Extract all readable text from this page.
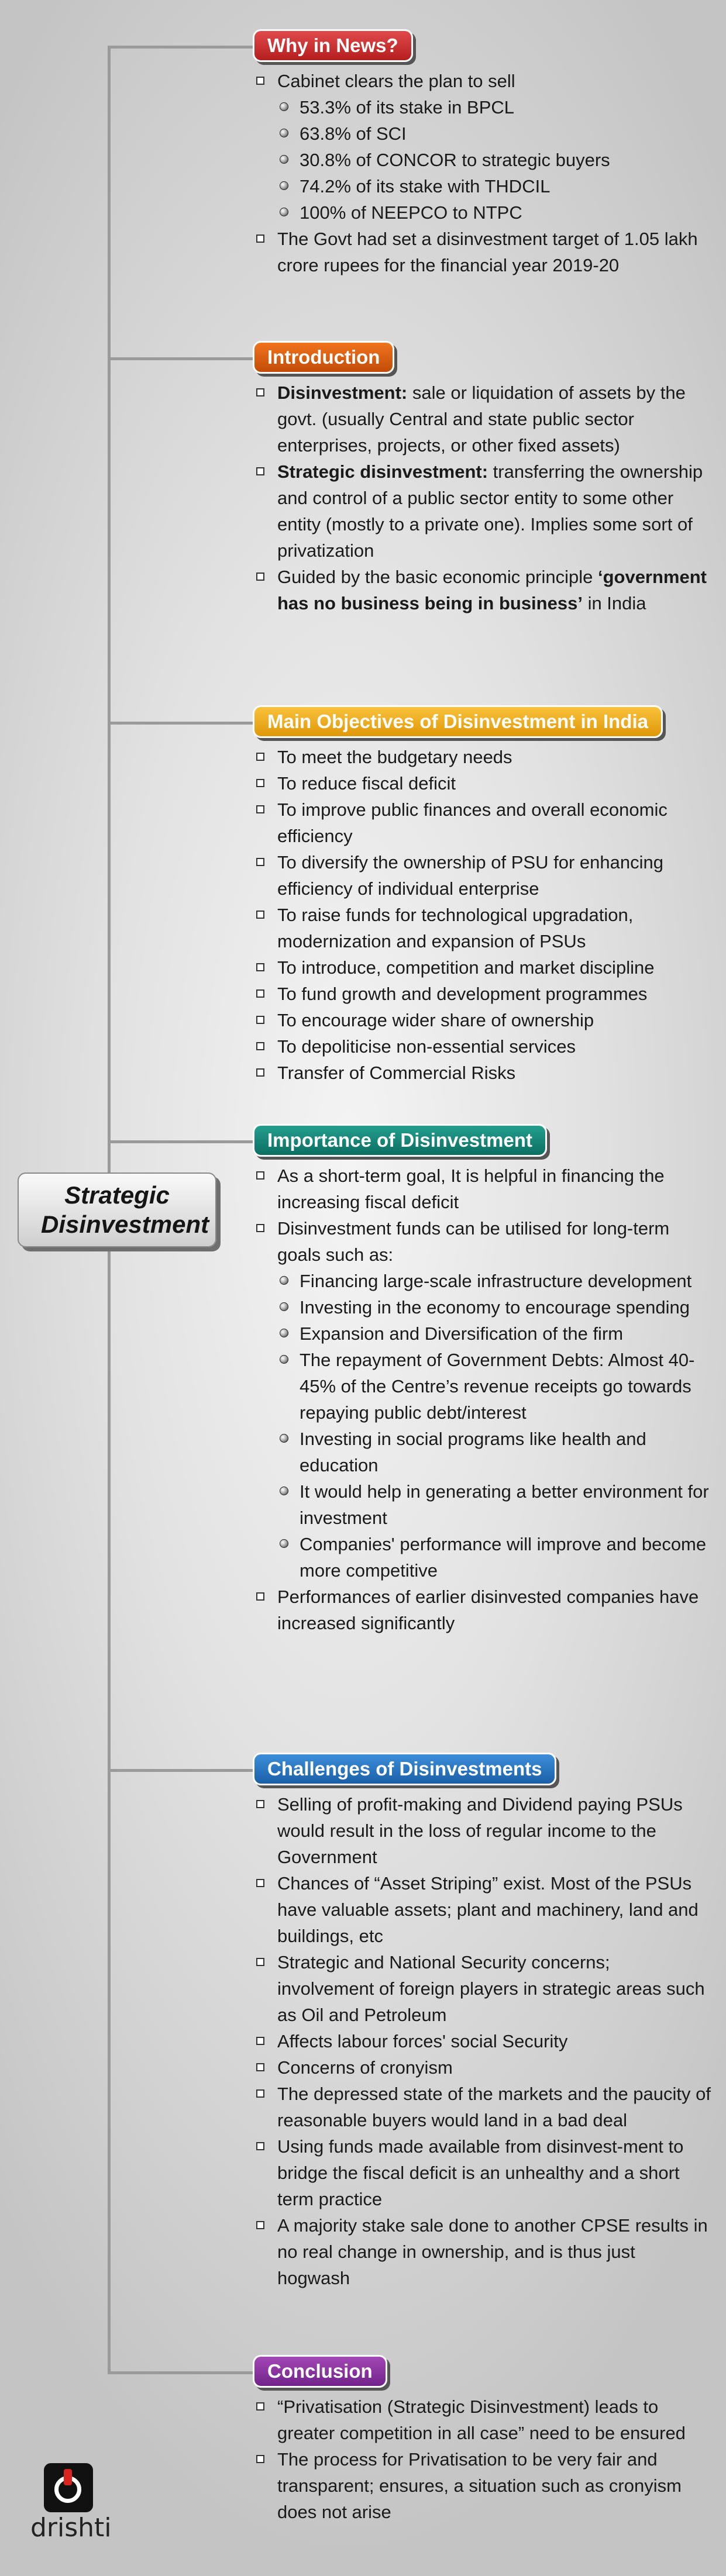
Strategic Disinvestment
Why in News?
Cabinet clears the plan to sell
53.3% of its stake in BPCL
63.8% of SCI
30.8% of CONCOR to strategic buyers
74.2% of its stake with THDCIL
100% of NEEPCO to NTPC
The Govt had set a disinvestment target of 1.05 lakh crore rupees for the financial year 2019-20
Introduction
Disinvestment: sale or liquidation of assets by the govt. (usually Central and state public sector enterprises, projects, or other fixed assets)
Strategic disinvestment: transferring the ownership and control of a public sector entity to some other entity (mostly to a private one). Implies some sort of privatization
Guided by the basic economic principle ‘government has no business being in business’ in India
Main Objectives of Disinvestment in India
To meet the budgetary needs
To reduce fiscal deficit
To improve public finances and overall economic efficiency
To diversify the ownership of PSU for enhancing efficiency of individual enterprise
To raise funds for technological upgradation, modernization and expansion of PSUs
To introduce, competition and market discipline
To fund growth and development programmes
To encourage wider share of ownership
To depoliticise non-essential services
Transfer of Commercial Risks
Importance of Disinvestment
As a short-term goal, It is helpful in financing the increasing fiscal deficit
Disinvestment funds can be utilised for long-term goals such as:
Financing large-scale infrastructure development
Investing in the economy to encourage spending
Expansion and Diversification of the firm
The repayment of Government Debts: Almost 40-45% of the Centre’s revenue receipts go towards repaying public debt/interest
Investing in social programs like health and education
It would help in generating a better environment for investment
Companies' performance will improve and become more competitive
Performances of earlier disinvested companies have increased significantly
Challenges of Disinvestments
Selling of profit-making and Dividend paying PSUs would result in the loss of regular income to the Government
Chances of “Asset Striping” exist. Most of the PSUs have valuable assets; plant and machinery, land and buildings, etc
Strategic and National Security concerns; involvement of foreign players in strategic areas such as Oil and Petroleum
Affects labour forces' social Security
Concerns of cronyism
The depressed state of the markets and the paucity of reasonable buyers would land in a bad deal
Using funds made available from disinvest-ment to bridge the fiscal deficit is an unhealthy and a short term practice
A majority stake sale done to another CPSE results in no real change in ownership, and is thus just hogwash
Conclusion
“Privatisation (Strategic Disinvestment) leads to greater competition in all case” need to be ensured
The process for Privatisation to be very fair and transparent; ensures, a situation such as cronyism does not arise
drishti
